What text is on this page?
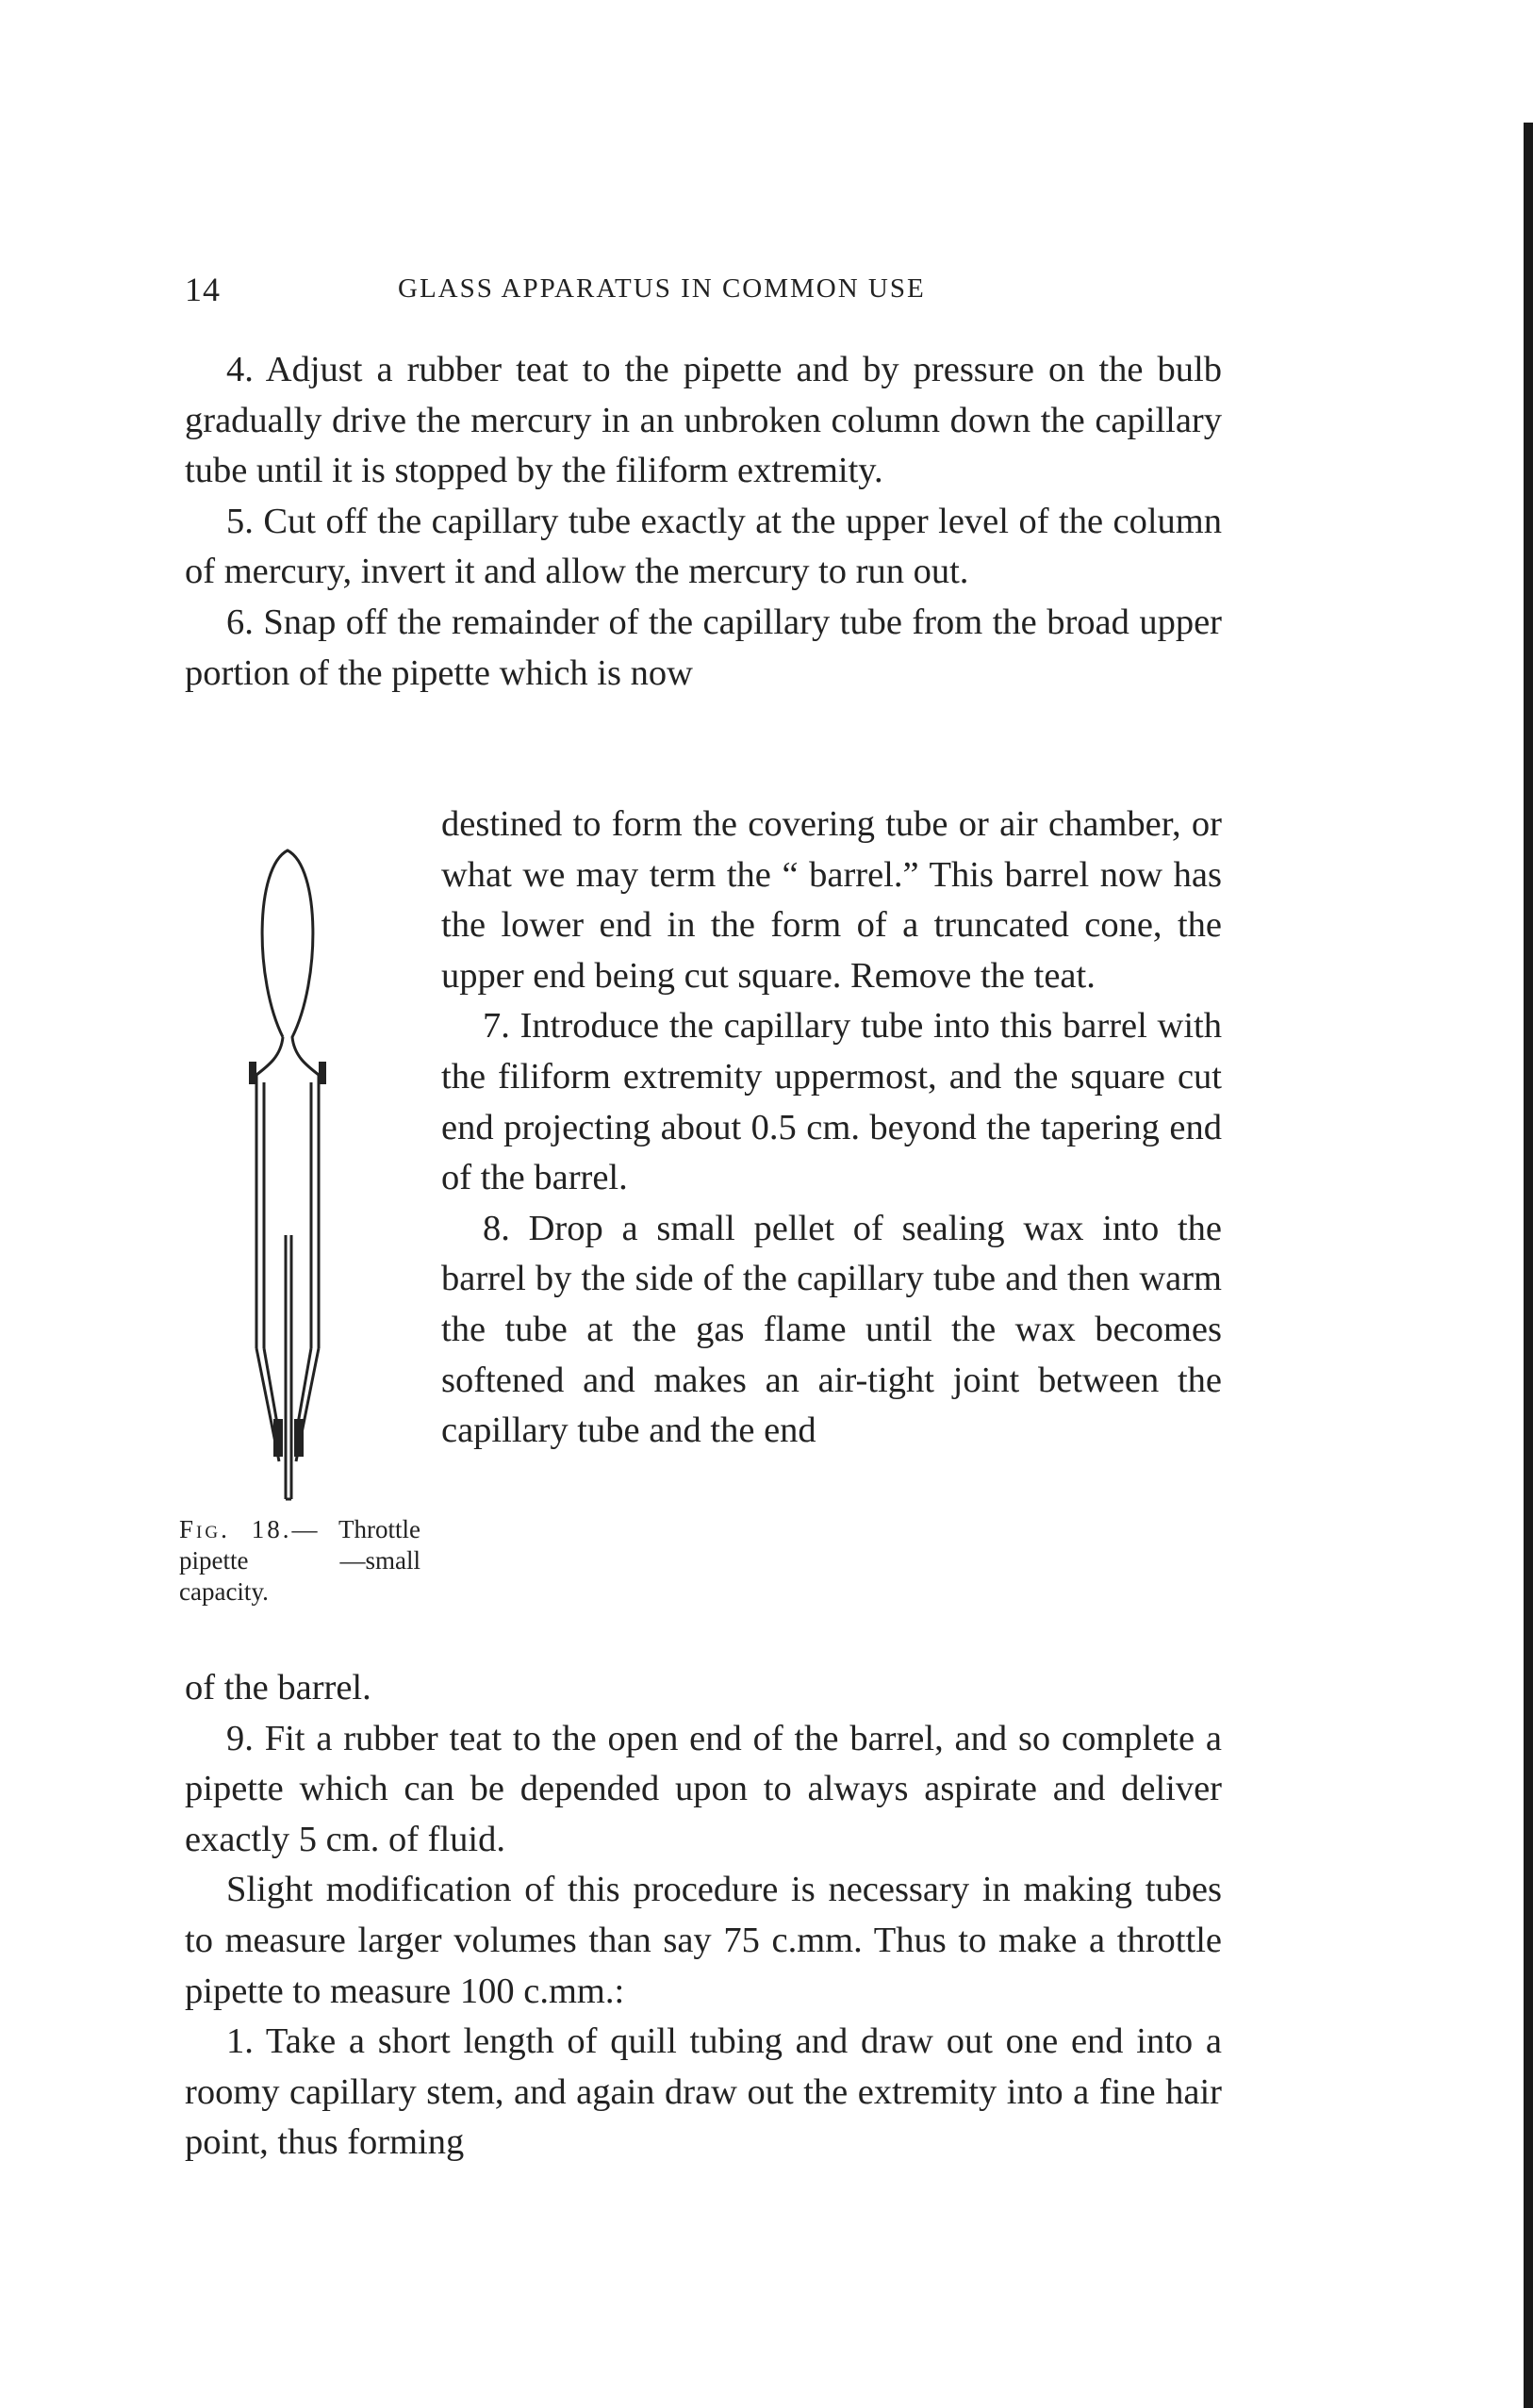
14	GLASS APPARATUS IN COMMON USE

4. Adjust a rubber teat to the pipette and by pressure on the bulb gradually drive the mercury in an unbroken column down the capillary tube until it is stopped by the filiform extremity.

5. Cut off the capillary tube exactly at the upper level of the column of mercury, invert it and allow the mercury to run out.

6. Snap off the remainder of the capillary tube from the broad upper portion of the pipette which is now

destined to form the covering tube or air chamber, or what we may term the “ barrel.” This barrel now has the lower end in the form of a truncated cone, the upper end being cut square. Remove the teat.

7. Introduce the capillary tube into this barrel with the filiform extremity uppermost, and the square cut end projecting about 0.5 cm. beyond the tapering end of the barrel.

8. Drop a small pellet of sealing wax into the barrel by the side of the capillary tube and then warm the tube at the gas flame until the wax becomes softened and makes an air-tight joint between the capillary tube and the end

Fig. 18.— Throttle pipette —small capacity.

of the barrel.

9. Fit a rubber teat to the open end of the barrel, and so complete a pipette which can be depended upon to always aspirate and deliver exactly 5 cm. of fluid.

Slight modification of this procedure is necessary in making tubes to measure larger volumes than say 75 c.mm. Thus to make a throttle pipette to measure 100 c.mm.:

1. Take a short length of quill tubing and draw out one end into a roomy capillary stem, and again draw out the extremity into a fine hair point, thus forming
